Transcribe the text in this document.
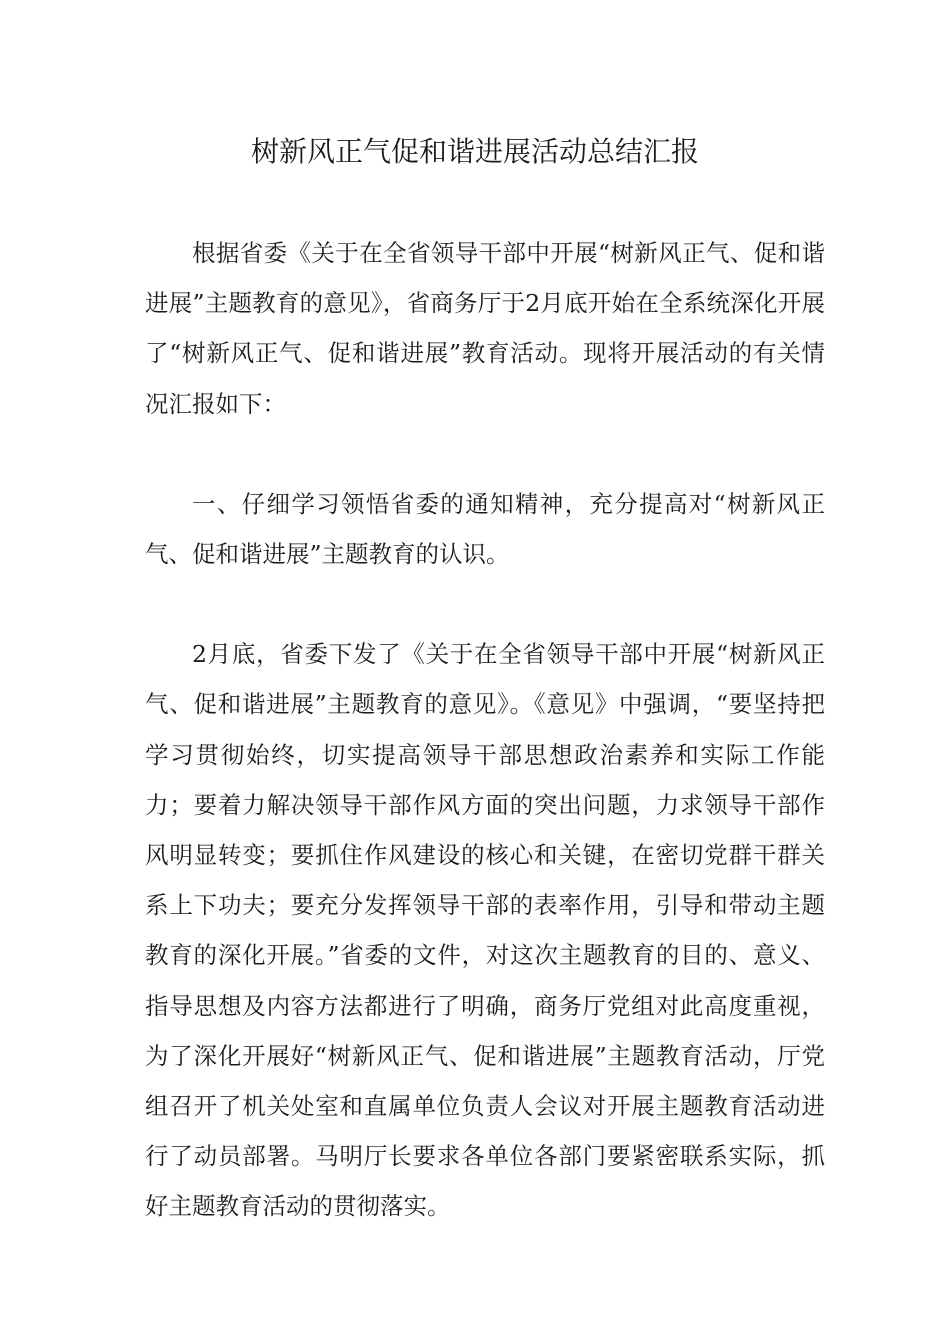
树新风正气促和谐进展活动总结汇报

根据省委《关于在全省领导干部中开展“树新风正气、促和谐进展”主题教育的意见》，省商务厅于2月底开始在全系统深化开展了“树新风正气、促和谐进展”教育活动。现将开展活动的有关情况汇报如下：

一、仔细学习领悟省委的通知精神，充分提高对“树新风正气、促和谐进展”主题教育的认识。

2月底，省委下发了《关于在全省领导干部中开展“树新风正气、促和谐进展”主题教育的意见》。《意见》中强调，“要坚持把学习贯彻始终，切实提高领导干部思想政治素养和实际工作能力；要着力解决领导干部作风方面的突出问题，力求领导干部作风明显转变；要抓住作风建设的核心和关键，在密切党群干群关系上下功夫；要充分发挥领导干部的表率作用，引导和带动主题教育的深化开展。”省委的文件，对这次主题教育的目的、意义、指导思想及内容方法都进行了明确，商务厅党组对此高度重视，为了深化开展好“树新风正气、促和谐进展”主题教育活动，厅党组召开了机关处室和直属单位负责人会议对开展主题教育活动进行了动员部署。马明厅长要求各单位各部门要紧密联系实际，抓好主题教育活动的贯彻落实。
